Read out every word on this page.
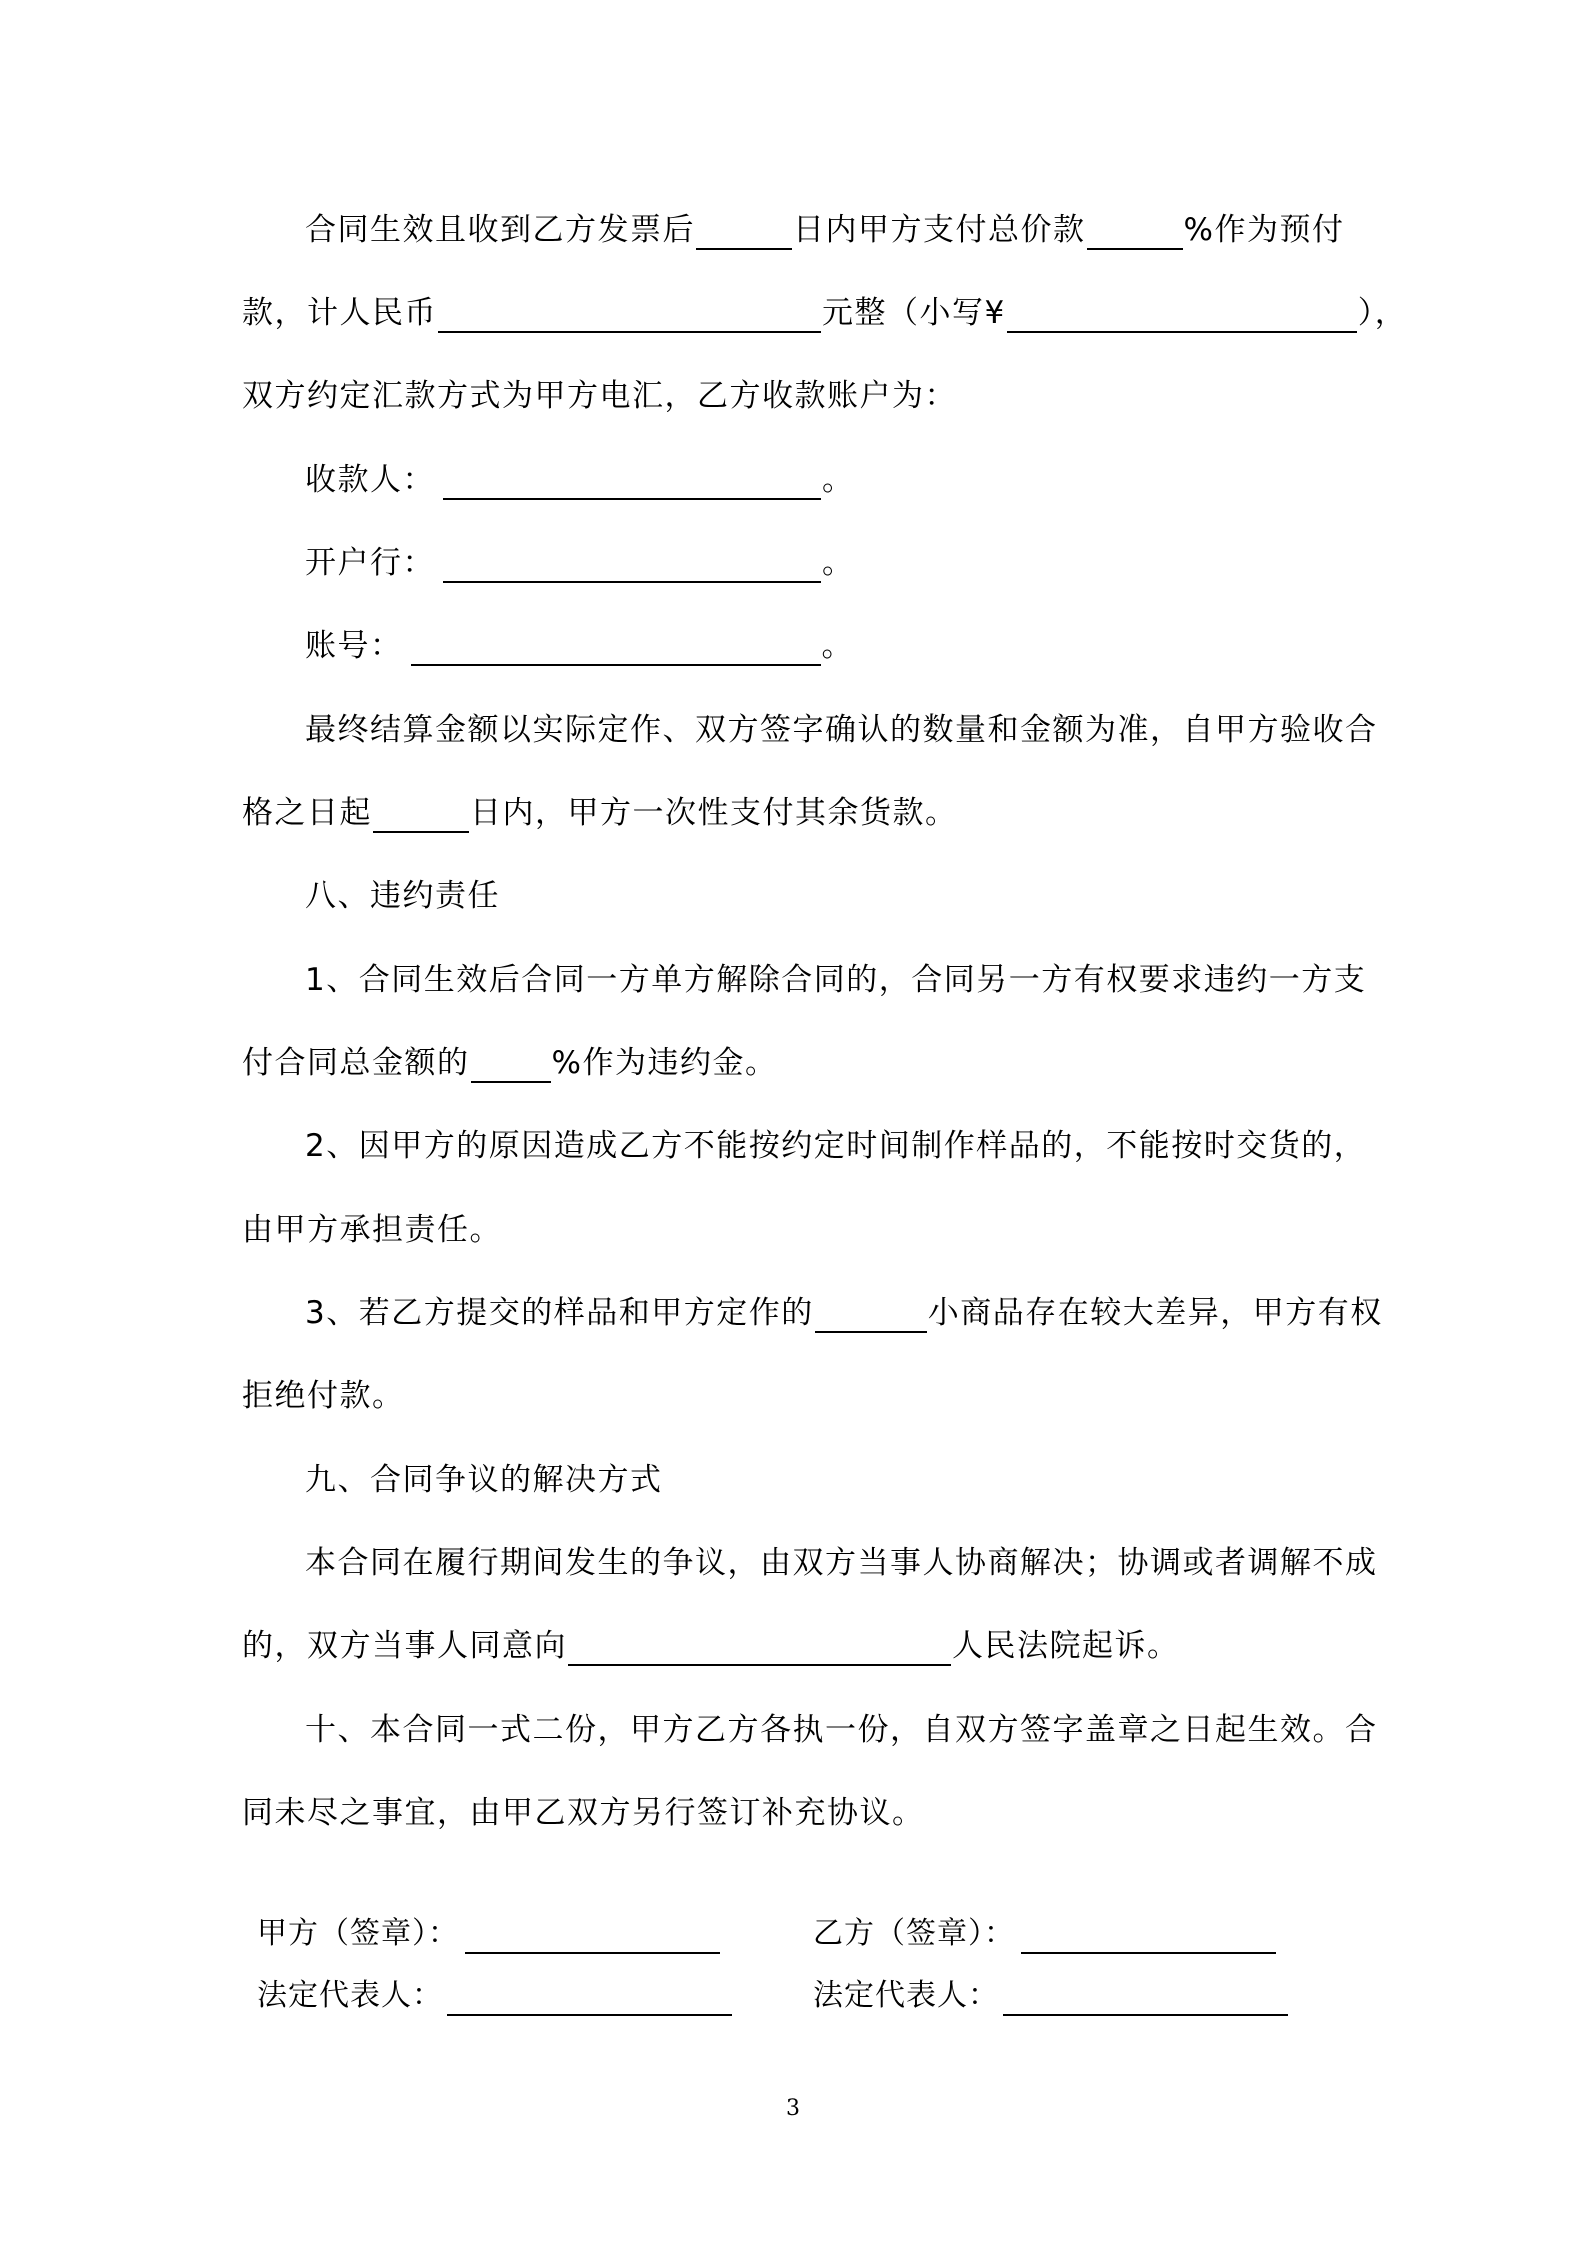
合同生效且收到乙方发票后	日内甲方支付总价款	%作为预付
款，计人民币	元整（小写¥	），
双方约定汇款方式为甲方电汇，乙方收款账户为：
收款人：	。
开户行：	。
账号：	。
最终结算金额以实际定作、双方签字确认的数量和金额为准，自甲方验收合
格之日起	日内，甲方一次性支付其余货款。
八、违约责任
1、合同生效后合同一方单方解除合同的，合同另一方有权要求违约一方支
付合同总金额的	%作为违约金。
2、因甲方的原因造成乙方不能按约定时间制作样品的，不能按时交货的，
由甲方承担责任。
3、若乙方提交的样品和甲方定作的	小商品存在较大差异，甲方有权
拒绝付款。
九、合同争议的解决方式
本合同在履行期间发生的争议，由双方当事人协商解决；协调或者调解不成
的，双方当事人同意向	人民法院起诉。
十、本合同一式二份，甲方乙方各执一份，自双方签字盖章之日起生效。合
同未尽之事宜，由甲乙双方另行签订补充协议。
甲方（签章）：	乙方（签章）：
法定代表人：	法定代表人：
3
